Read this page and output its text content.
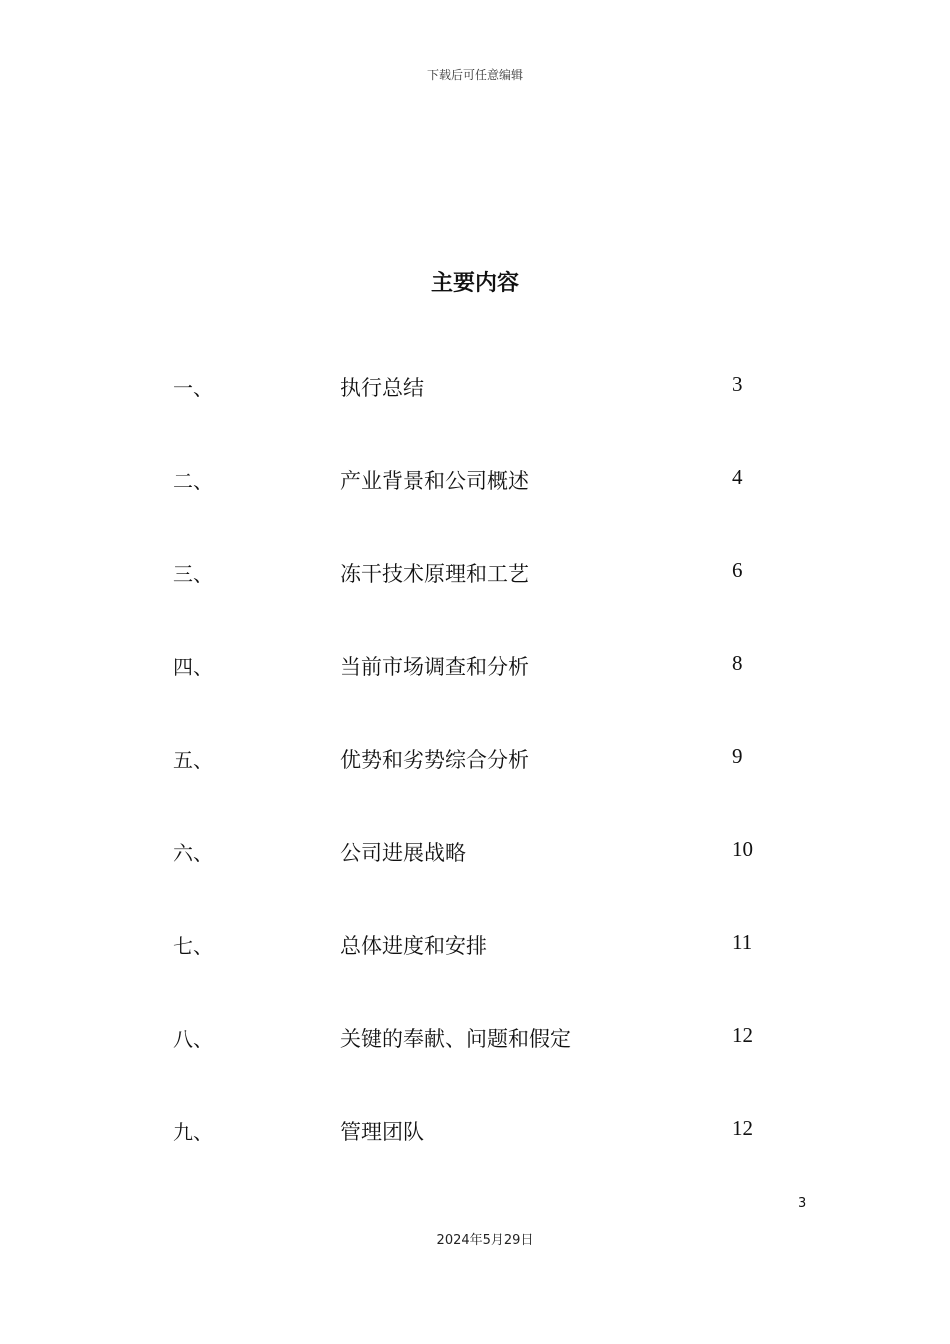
下载后可任意编辑
主要内容
一、	执行总结	3
二、	产业背景和公司概述	4
三、	冻干技术原理和工艺	6
四、	当前市场调查和分析	8
五、	优势和劣势综合分析	9
六、	公司进展战略	10
七、	总体进度和安排	11
八、	关键的奉献、问题和假定	12
九、	管理团队	12
3
2024年5月29日
